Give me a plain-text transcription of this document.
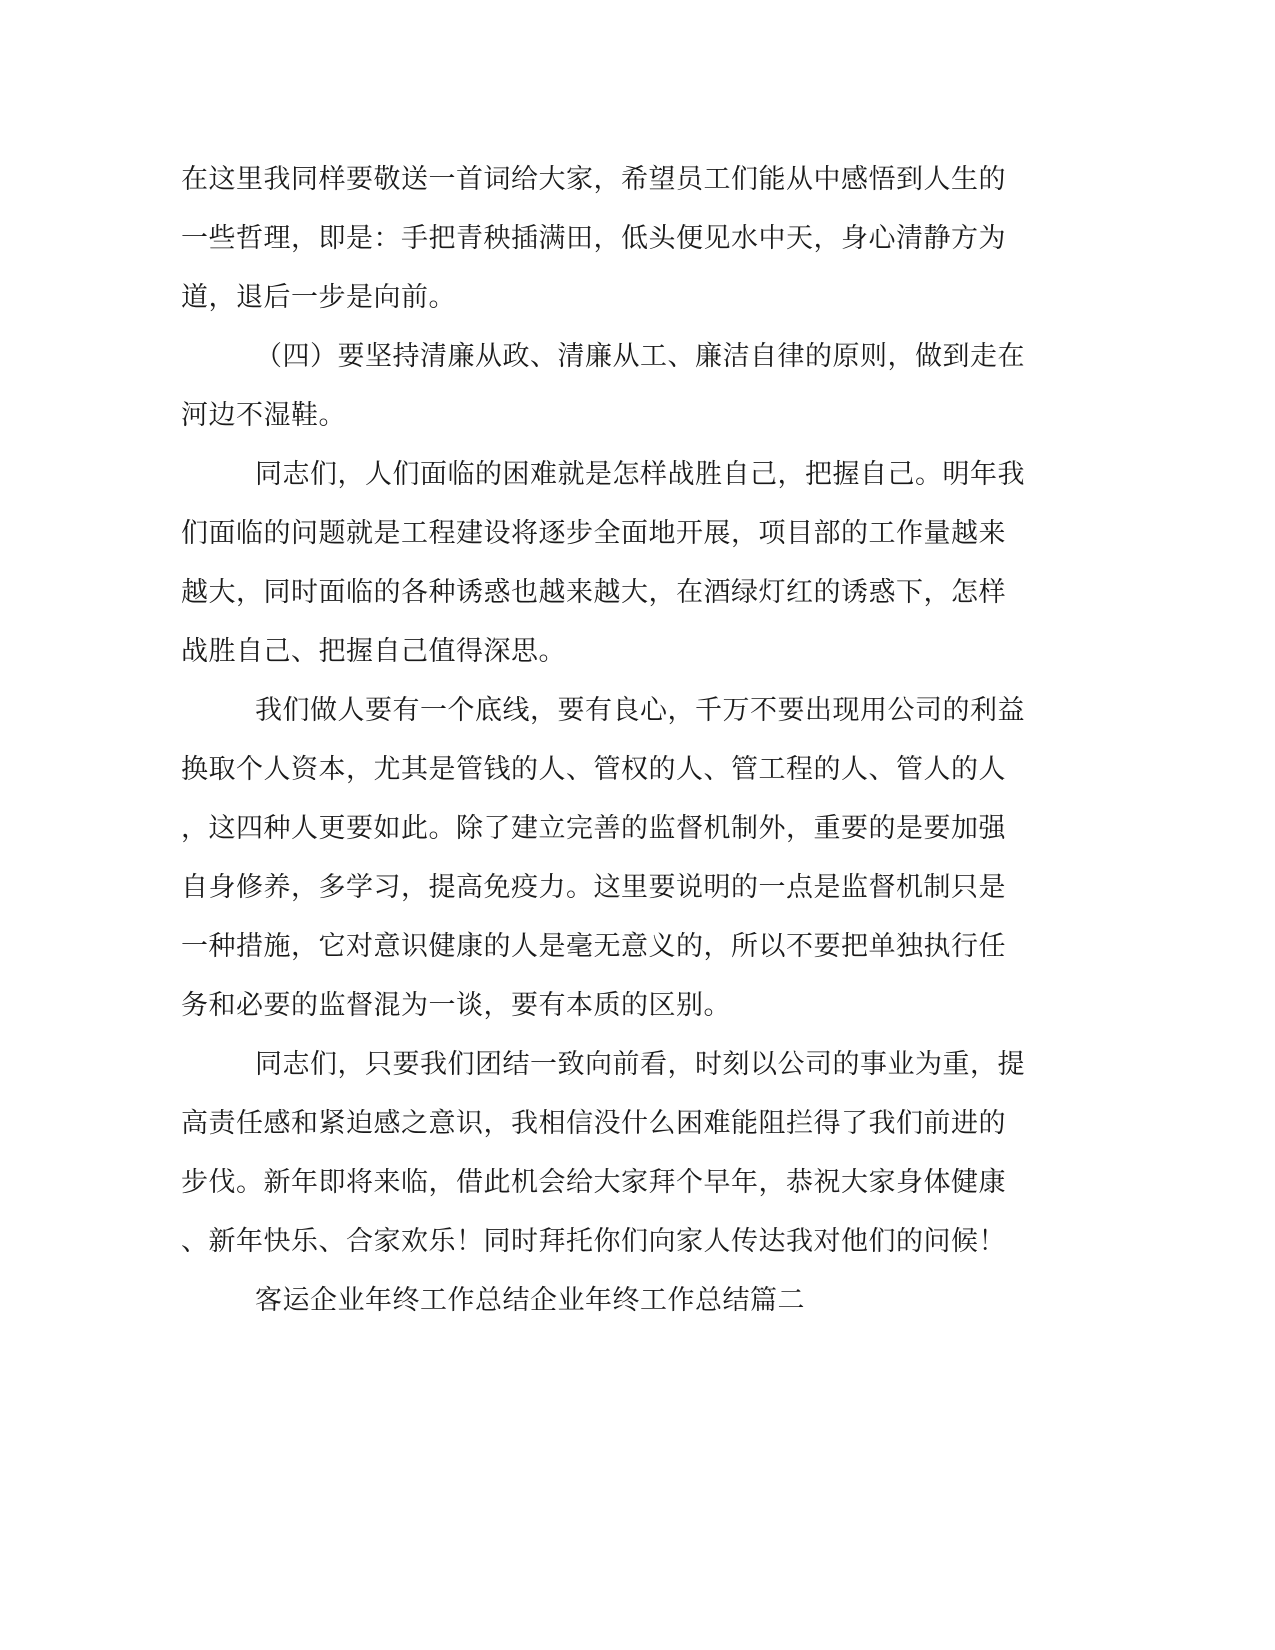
在这里我同样要敬送一首词给大家，希望员工们能从中感悟到人生的
一些哲理，即是：手把青秧插满田，低头便见水中天，身心清静方为
道，退后一步是向前。
（四）要坚持清廉从政、清廉从工、廉洁自律的原则，做到走在
河边不湿鞋。
同志们，人们面临的困难就是怎样战胜自己，把握自己。明年我
们面临的问题就是工程建设将逐步全面地开展，项目部的工作量越来
越大，同时面临的各种诱惑也越来越大，在酒绿灯红的诱惑下，怎样
战胜自己、把握自己值得深思。
我们做人要有一个底线，要有良心，千万不要出现用公司的利益
换取个人资本，尤其是管钱的人、管权的人、管工程的人、管人的人
，这四种人更要如此。除了建立完善的监督机制外，重要的是要加强
自身修养，多学习，提高免疫力。这里要说明的一点是监督机制只是
一种措施，它对意识健康的人是毫无意义的，所以不要把单独执行任
务和必要的监督混为一谈，要有本质的区别。
同志们，只要我们团结一致向前看，时刻以公司的事业为重，提
高责任感和紧迫感之意识，我相信没什么困难能阻拦得了我们前进的
步伐。新年即将来临，借此机会给大家拜个早年，恭祝大家身体健康
、新年快乐、合家欢乐！同时拜托你们向家人传达我对他们的问候！
客运企业年终工作总结企业年终工作总结篇二
